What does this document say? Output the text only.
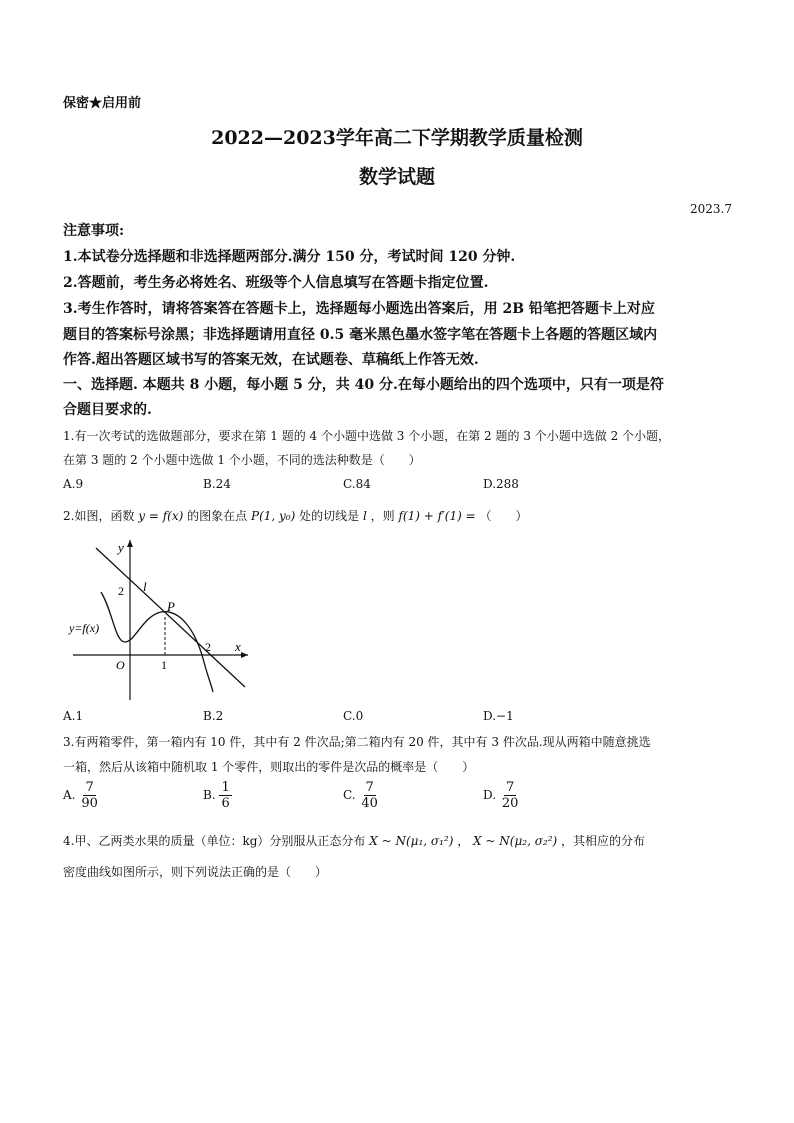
保密★启用前
2022—2023学年高二下学期教学质量检测
数学试题
2023.7
注意事项:
1.本试卷分选择题和非选择题两部分.满分 150 分，考试时间 120 分钟.
2.答题前，考生务必将姓名、班级等个人信息填写在答题卡指定位置.
3.考生作答时，请将答案答在答题卡上，选择题每小题选出答案后，用 2B 铅笔把答题卡上对应
题目的答案标号涂黑；非选择题请用直径 0.5 毫米黑色墨水签字笔在答题卡上各题的答题区域内
作答.超出答题区域书写的答案无效，在试题卷、草稿纸上作答无效.
一、选择题. 本题共 8 小题，每小题 5 分，共 40 分.在每小题给出的四个选项中，只有一项是符
合题目要求的.
1.有一次考试的选做题部分，要求在第 1 题的 4 个小题中选做 3 个小题，在第 2 题的 3 个小题中选做 2 个小题，
在第 3 题的 2 个小题中选做 1 个小题，不同的选法种数是（　　）
A.9	B.24	C.84	D.288
2.如图，函数 y = f(x) 的图象在点 P(1, y₀) 处的切线是 l ，则 f(1) + f′(1) = （　　）
y
x
O
2
2
1
l
P
y=f(x)
A.1	B.2	C.0	D.−1
3.有两箱零件，第一箱内有 10 件，其中有 2 件次品;第二箱内有 20 件，其中有 3 件次品.现从两箱中随意挑选
一箱，然后从该箱中随机取 1 个零件，则取出的零件是次品的概率是（　　）
A. $\frac{7}{90}$	B. $\frac{1}{6}$	C. $\frac{7}{40}$	D. $\frac{7}{20}$
4.甲、乙两类水果的质量（单位：kg）分别服从正态分布 X ~ N(μ₁, σ₁²) ， X ~ N(μ₂, σ₂²) ，其相应的分布
密度曲线如图所示，则下列说法正确的是（　　）
